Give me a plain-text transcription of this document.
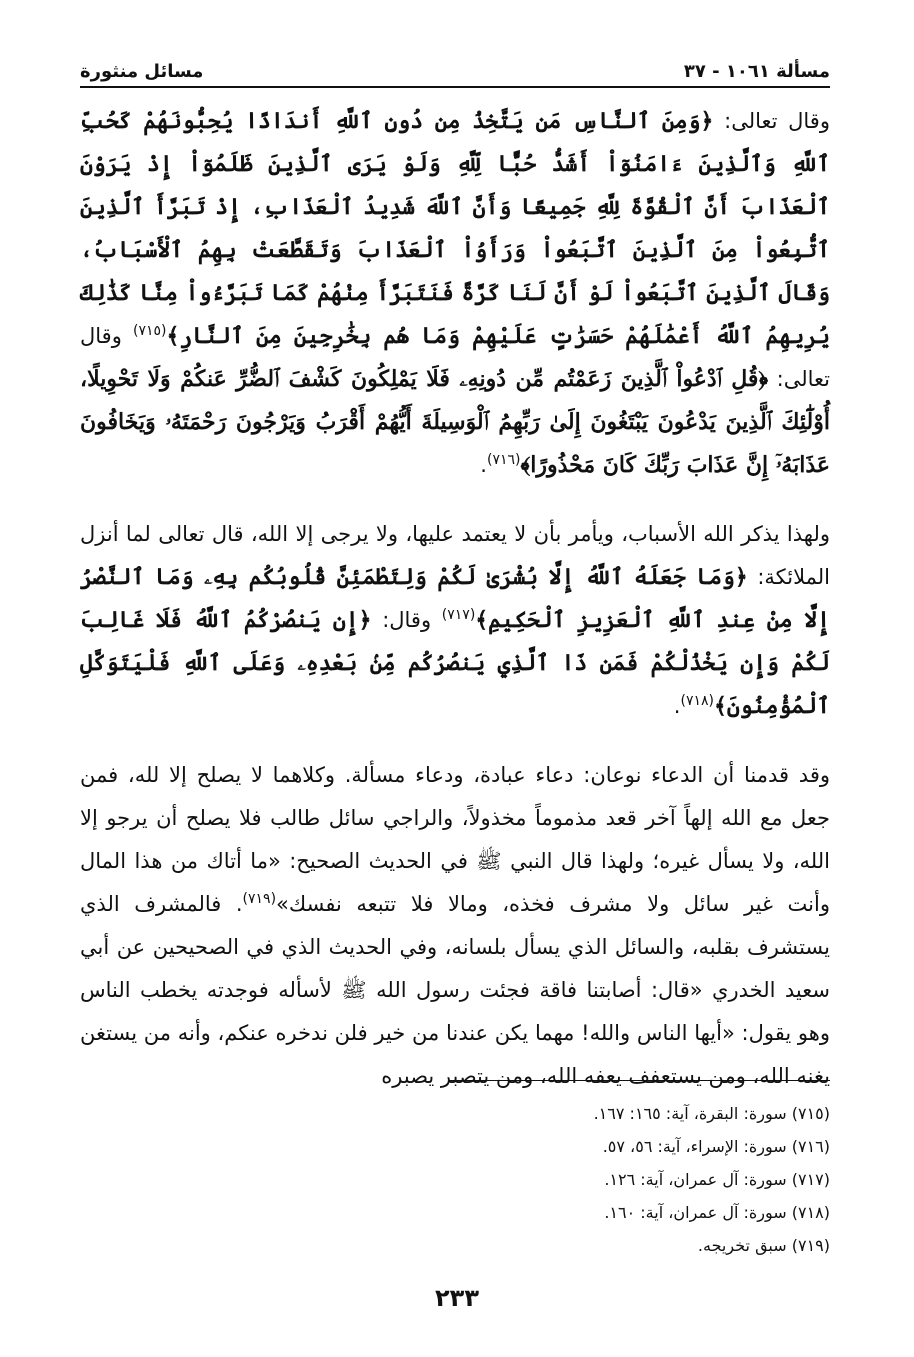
مسألة ١٠٦١ - ٣٧
مسائل منثورة

وقال تعالى: ﴿وَمِنَ ٱلنَّاسِ مَن يَتَّخِذُ مِن دُونِ ٱللَّهِ أَندَادًا يُحِبُّونَهُمْ كَحُبِّ ٱللَّهِ وَٱلَّذِينَ ءَامَنُوٓاْ أَشَدُّ حُبًّا لِّلَّهِ وَلَوْ يَرَى ٱلَّذِينَ ظَلَمُوٓاْ إِذْ يَرَوْنَ ٱلْعَذَابَ أَنَّ ٱلْقُوَّةَ لِلَّهِ جَمِيعًا وَأَنَّ ٱللَّهَ شَدِيدُ ٱلْعَذَابِ، إِذْ تَبَرَّأَ ٱلَّذِينَ ٱتُّبِعُواْ مِنَ ٱلَّذِينَ ٱتَّبَعُواْ وَرَأَوُاْ ٱلْعَذَابَ وَتَقَطَّعَتْ بِهِمُ ٱلْأَسْبَابُ، وَقَالَ ٱلَّذِينَ ٱتَّبَعُواْ لَوْ أَنَّ لَنَا كَرَّةً فَنَتَبَرَّأَ مِنْهُمْ كَمَا تَبَرَّءُواْ مِنَّا كَذَٰلِكَ يُرِيهِمُ ٱللَّهُ أَعْمَٰلَهُمْ حَسَرَٰتٍ عَلَيْهِمْ وَمَا هُم بِخَٰرِجِينَ مِنَ ٱلنَّارِ﴾$^{(٧١٥)}$ وقال تعالى: ﴿قُلِ ٱدْعُواْ ٱلَّذِينَ زَعَمْتُم مِّن دُونِهِۦ فَلَا يَمْلِكُونَ كَشْفَ ٱلضُّرِّ عَنكُمْ وَلَا تَحْوِيلًا، أُوْلَٰٓئِكَ ٱلَّذِينَ يَدْعُونَ يَبْتَغُونَ إِلَىٰ رَبِّهِمُ ٱلْوَسِيلَةَ أَيُّهُمْ أَقْرَبُ وَيَرْجُونَ رَحْمَتَهُۥ وَيَخَافُونَ عَذَابَهُۥٓ إِنَّ عَذَابَ رَبِّكَ كَانَ مَحْذُورًا﴾$^{(٧١٦)}$.

ولهذا يذكر الله الأسباب، ويأمر بأن لا يعتمد عليها، ولا يرجى إلا الله، قال تعالى لما أنزل الملائكة: ﴿وَمَا جَعَلَهُ ٱللَّهُ إِلَّا بُشْرَىٰ لَكُمْ وَلِتَطْمَئِنَّ قُلُوبُكُم بِهِۦ وَمَا ٱلنَّصْرُ إِلَّا مِنْ عِندِ ٱللَّهِ ٱلْعَزِيزِ ٱلْحَكِيمِ﴾$^{(٧١٧)}$ وقال: ﴿إِن يَنصُرْكُمُ ٱللَّهُ فَلَا غَالِبَ لَكُمْ وَإِن يَخْذُلْكُمْ فَمَن ذَا ٱلَّذِي يَنصُرُكُم مِّنۢ بَعْدِهِۦ وَعَلَى ٱللَّهِ فَلْيَتَوَكَّلِ ٱلْمُؤْمِنُونَ﴾$^{(٧١٨)}$.

وقد قدمنا أن الدعاء نوعان: دعاء عبادة، ودعاء مسألة. وكلاهما لا يصلح إلا لله، فمن جعل مع الله إلهاً آخر قعد مذموماً مخذولاً، والراجي سائل طالب فلا يصلح أن يرجو إلا الله، ولا يسأل غيره؛ ولهذا قال النبي ﷺ في الحديث الصحيح: «ما أتاك من هذا المال وأنت غير سائل ولا مشرف فخذه، ومالا فلا تتبعه نفسك»$^{(٧١٩)}$. فالمشرف الذي يستشرف بقلبه، والسائل الذي يسأل بلسانه، وفي الحديث الذي في الصحيحين عن أبي سعيد الخدري «قال: أصابتنا فاقة فجئت رسول الله ﷺ لأسأله فوجدته يخطب الناس وهو يقول: «أيها الناس والله! مهما يكن عندنا من خير فلن ندخره عنكم، وأنه من يستغن يغنه الله، ومن يستعفف يعفه الله، ومن يتصبر يصبره

(٧١٥) سورة: البقرة، آية: ١٦٥: ١٦٧.
(٧١٦) سورة: الإسراء، آية: ٥٦، ٥٧.
(٧١٧) سورة: آل عمران، آية: ١٢٦.
(٧١٨) سورة: آل عمران، آية: ١٦٠.
(٧١٩) سبق تخريجه.
٢٣٣
